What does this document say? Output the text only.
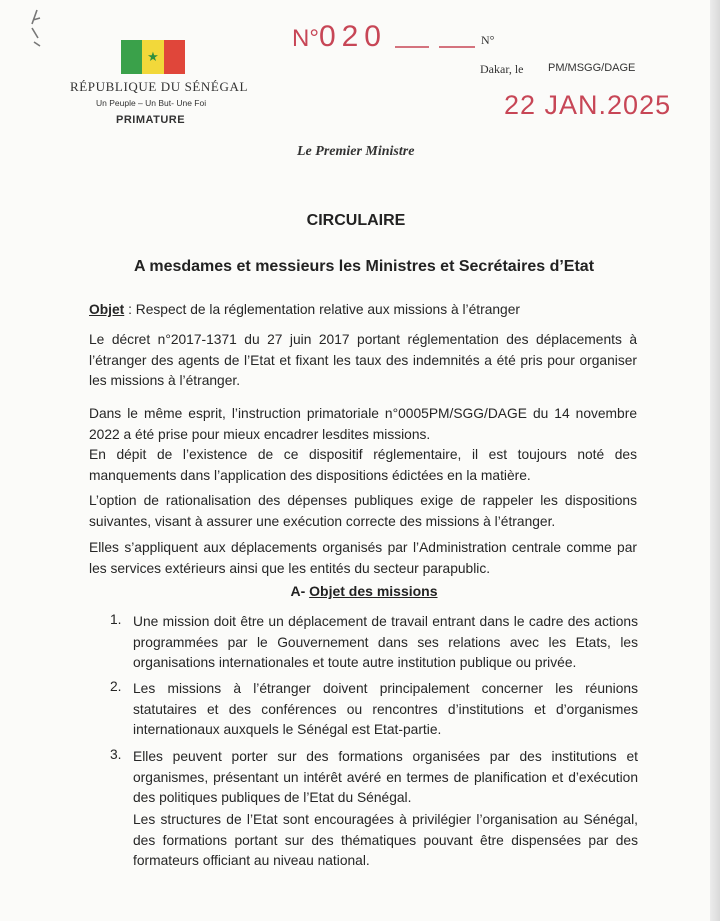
★
RÉPUBLIQUE DU SÉNÉGAL
Un Peuple – Un But- Une Foi
PRIMATURE
N°020	N°
Dakar, le PM/MSGG/DAGE
22 JAN.2025
Le Premier Ministre
CIRCULAIRE
A mesdames et messieurs les Ministres et Secrétaires d’Etat
Objet : Respect de la réglementation relative aux missions à l’étranger
Le décret n°2017-1371 du 27 juin 2017 portant réglementation des déplacements à l’étranger des agents de l’Etat et fixant les taux des indemnités a été pris pour organiser les missions à l’étranger.
Dans le même esprit, l’instruction primatoriale n°0005PM/SGG/DAGE du 14 novembre 2022 a été prise pour mieux encadrer lesdites missions.
En dépit de l’existence de ce dispositif réglementaire, il est toujours noté des manquements dans l’application des dispositions édictées en la matière.
L’option de rationalisation des dépenses publiques exige de rappeler les dispositions suivantes, visant à assurer une exécution correcte des missions à l’étranger.
Elles s’appliquent aux déplacements organisés par l’Administration centrale comme par les services extérieurs ainsi que les entités du secteur parapublic.
A- Objet des missions
1. Une mission doit être un déplacement de travail entrant dans le cadre des actions programmées par le Gouvernement dans ses relations avec les Etats, les organisations internationales et toute autre institution publique ou privée.
2. Les missions à l’étranger doivent principalement concerner les réunions statutaires et des conférences ou rencontres d’institutions et d’organismes internationaux auxquels le Sénégal est Etat-partie.
3. Elles peuvent porter sur des formations organisées par des institutions et organismes, présentant un intérêt avéré en termes de planification et d’exécution des politiques publiques de l’Etat du Sénégal.
Les structures de l’Etat sont encouragées à privilégier l’organisation au Sénégal, des formations portant sur des thématiques pouvant être dispensées par des formateurs officiant au niveau national.
